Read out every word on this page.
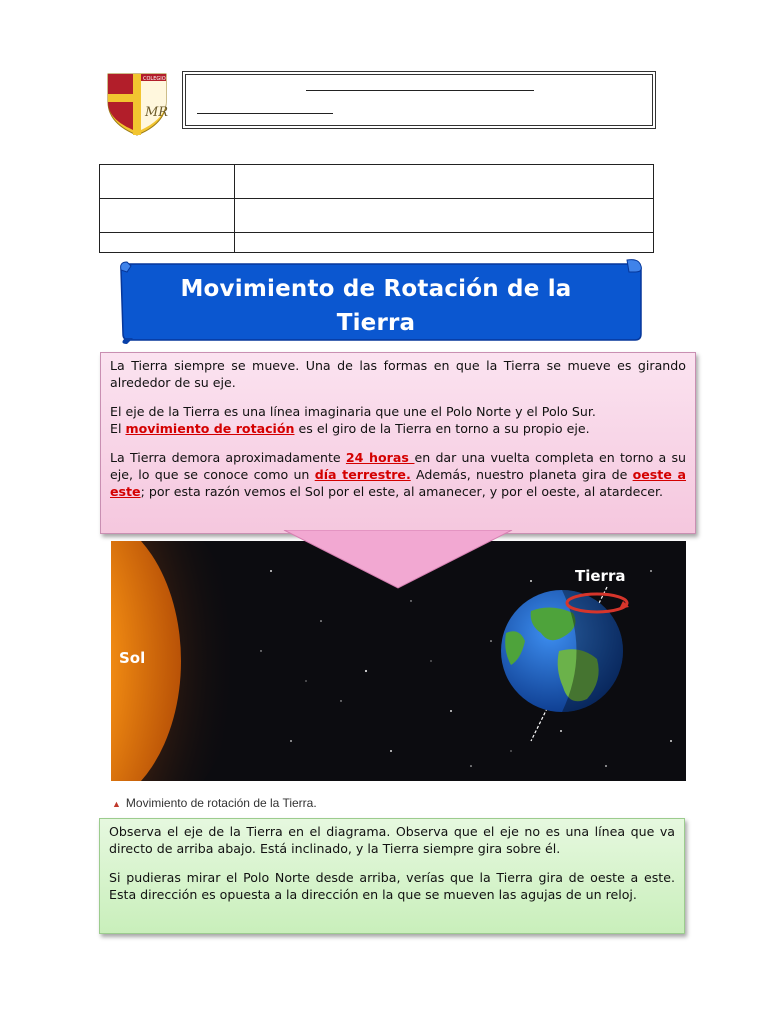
COLEGIO
MR

Movimiento de Rotación de la
Tierra

La Tierra siempre se mueve. Una de las formas en que la Tierra se mueve es girando alrededor de su eje.

El eje de la Tierra es una línea imaginaria que une el Polo Norte y el Polo Sur.
El movimiento de rotación es el giro de la Tierra en torno a su propio eje.

La Tierra demora aproximadamente 24 horas en dar una vuelta completa en torno a su eje, lo que se conoce como un día terrestre. Además, nuestro planeta gira de oeste a este; por esta razón vemos el Sol por el este, al amanecer, y por el oeste, al atardecer.

Sol
Tierra
▲ Movimiento de rotación de la Tierra.

Observa el eje de la Tierra en el diagrama. Observa que el eje no es una línea que va directo de arriba abajo. Está inclinado, y la Tierra siempre gira sobre él.

Si pudieras mirar el Polo Norte desde arriba, verías que la Tierra gira de oeste a este. Esta dirección es opuesta a la dirección en la que se mueven las agujas de un reloj.
